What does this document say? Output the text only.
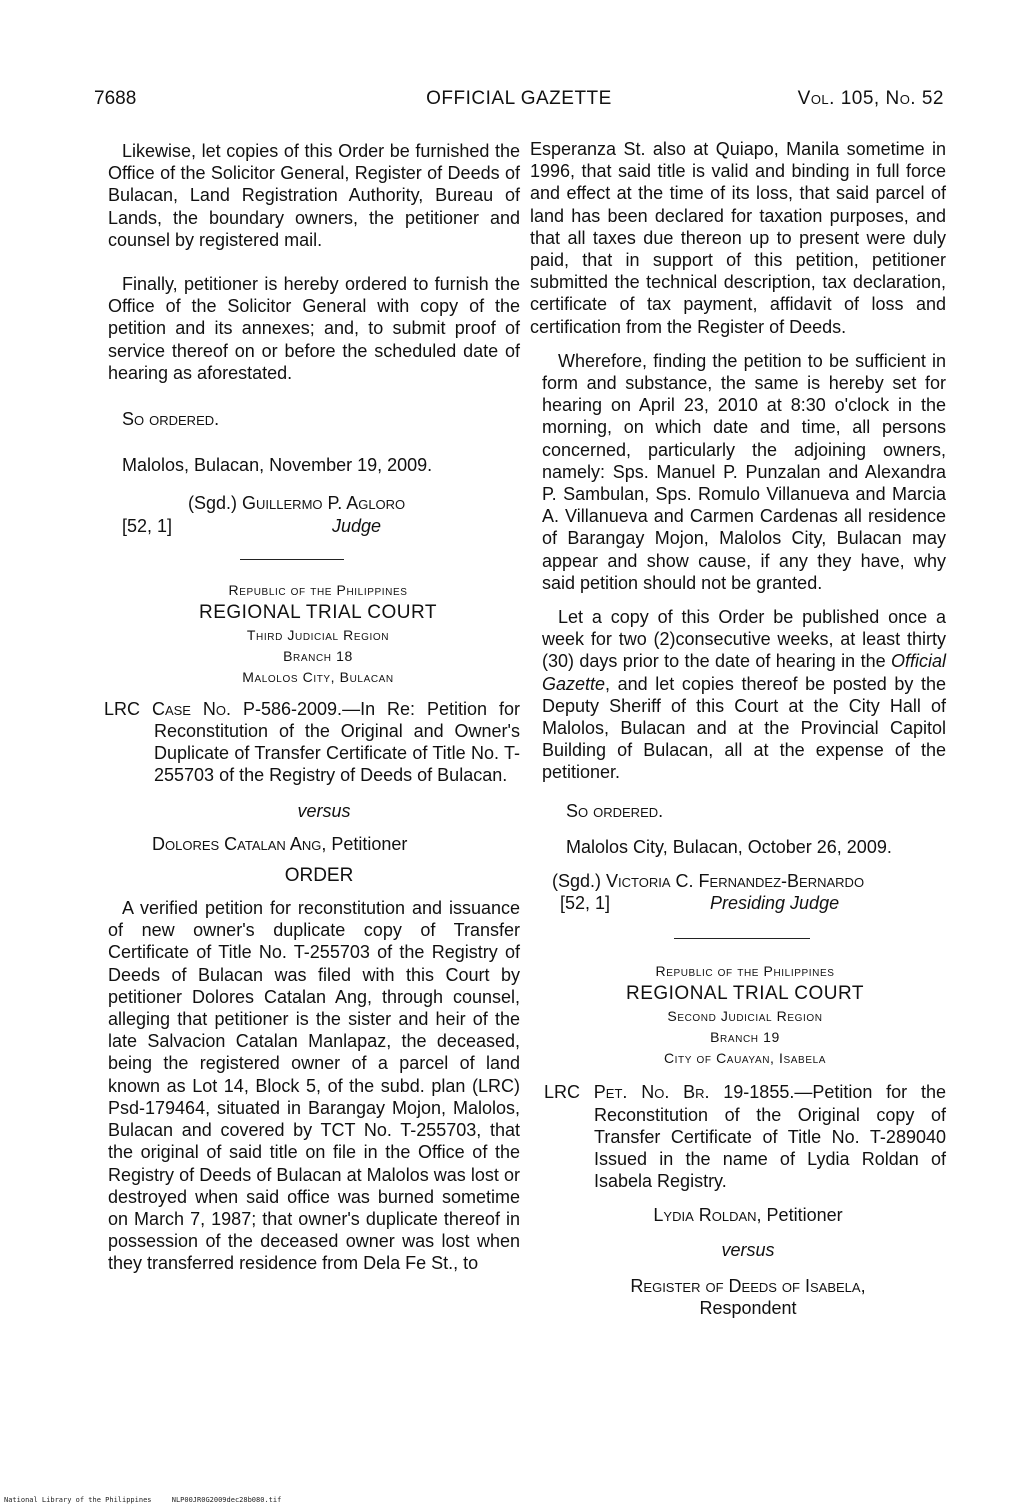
7688	OFFICIAL GAZETTE	Vol. 105, No. 52

Likewise, let copies of this Order be furnished the Office of the Solicitor General, Register of Deeds of Bulacan, Land Registration Authority, Bureau of Lands, the boundary owners, the petitioner and counsel by registered mail.

Finally, petitioner is hereby ordered to furnish the Office of the Solicitor General with copy of the petition and its annexes; and, to submit proof of service thereof on or before the scheduled date of hearing as aforestated.

So ordered.

Malolos, Bulacan, November 19, 2009.

(Sgd.) Guillermo P. Agloro
[52, 1]	Judge
Republic of the Philippines
REGIONAL TRIAL COURT
Third Judicial Region
Branch 18
Malolos City, Bulacan

LRC Case No. P-586-2009.—In Re: Petition for Reconstitution of the Original and Owner's Duplicate of Transfer Certificate of Title No. T-255703 of the Registry of Deeds of Bulacan.

versus

Dolores Catalan Ang, Petitioner

ORDER

A verified petition for reconstitution and issuance of new owner's duplicate copy of Transfer Certificate of Title No. T-255703 of the Registry of Deeds of Bulacan was filed with this Court by petitioner Dolores Catalan Ang, through counsel, alleging that petitioner is the sister and heir of the late Salvacion Catalan Manlapaz, the deceased, being the registered owner of a parcel of land known as Lot 14, Block 5, of the subd. plan (LRC) Psd-179464, situated in Barangay Mojon, Malolos, Bulacan and covered by TCT No. T-255703, that the original of said title on file in the Office of the Registry of Deeds of Bulacan at Malolos was lost or destroyed when said office was burned sometime on March 7, 1987; that owner's duplicate thereof in possession of the deceased owner was lost when they transferred residence from Dela Fe St., to

Esperanza St. also at Quiapo, Manila sometime in 1996, that said title is valid and binding in full force and effect at the time of its loss, that said parcel of land has been declared for taxation purposes, and that all taxes due thereon up to present were duly paid, that in support of this petition, petitioner submitted the technical description, tax declaration, certificate of tax payment, affidavit of loss and certification from the Register of Deeds.

Wherefore, finding the petition to be sufficient in form and substance, the same is hereby set for hearing on April 23, 2010 at 8:30 o'clock in the morning, on which date and time, all persons concerned, particularly the adjoining owners, namely: Sps. Manuel P. Punzalan and Alexandra P. Sambulan, Sps. Romulo Villanueva and Marcia A. Villanueva and Carmen Cardenas all residence of Barangay Mojon, Malolos City, Bulacan may appear and show cause, if any they have, why said petition should not be granted.

Let a copy of this Order be published once a week for two (2)consecutive weeks, at least thirty (30) days prior to the date of hearing in the Official Gazette, and let copies thereof be posted by the Deputy Sheriff of this Court at the City Hall of Malolos, Bulacan and at the Provincial Capitol Building of Bulacan, all at the expense of the petitioner.

So ordered.

Malolos City, Bulacan, October 26, 2009.

(Sgd.) Victoria C. Fernandez-Bernardo
[52, 1]	Presiding Judge
Republic of the Philippines
REGIONAL TRIAL COURT
Second Judicial Region
Branch 19
City of Cauayan, Isabela

LRC Pet. No. Br. 19-1855.—Petition for the Reconstitution of the Original copy of Transfer Certificate of Title No. T-289040 Issued in the name of Lydia Roldan of Isabela Registry.

Lydia Roldan, Petitioner

versus

Register of Deeds of Isabela,

Respondent

National Library of the Philippines	NLP00JR0G2009dec28b080.tif
